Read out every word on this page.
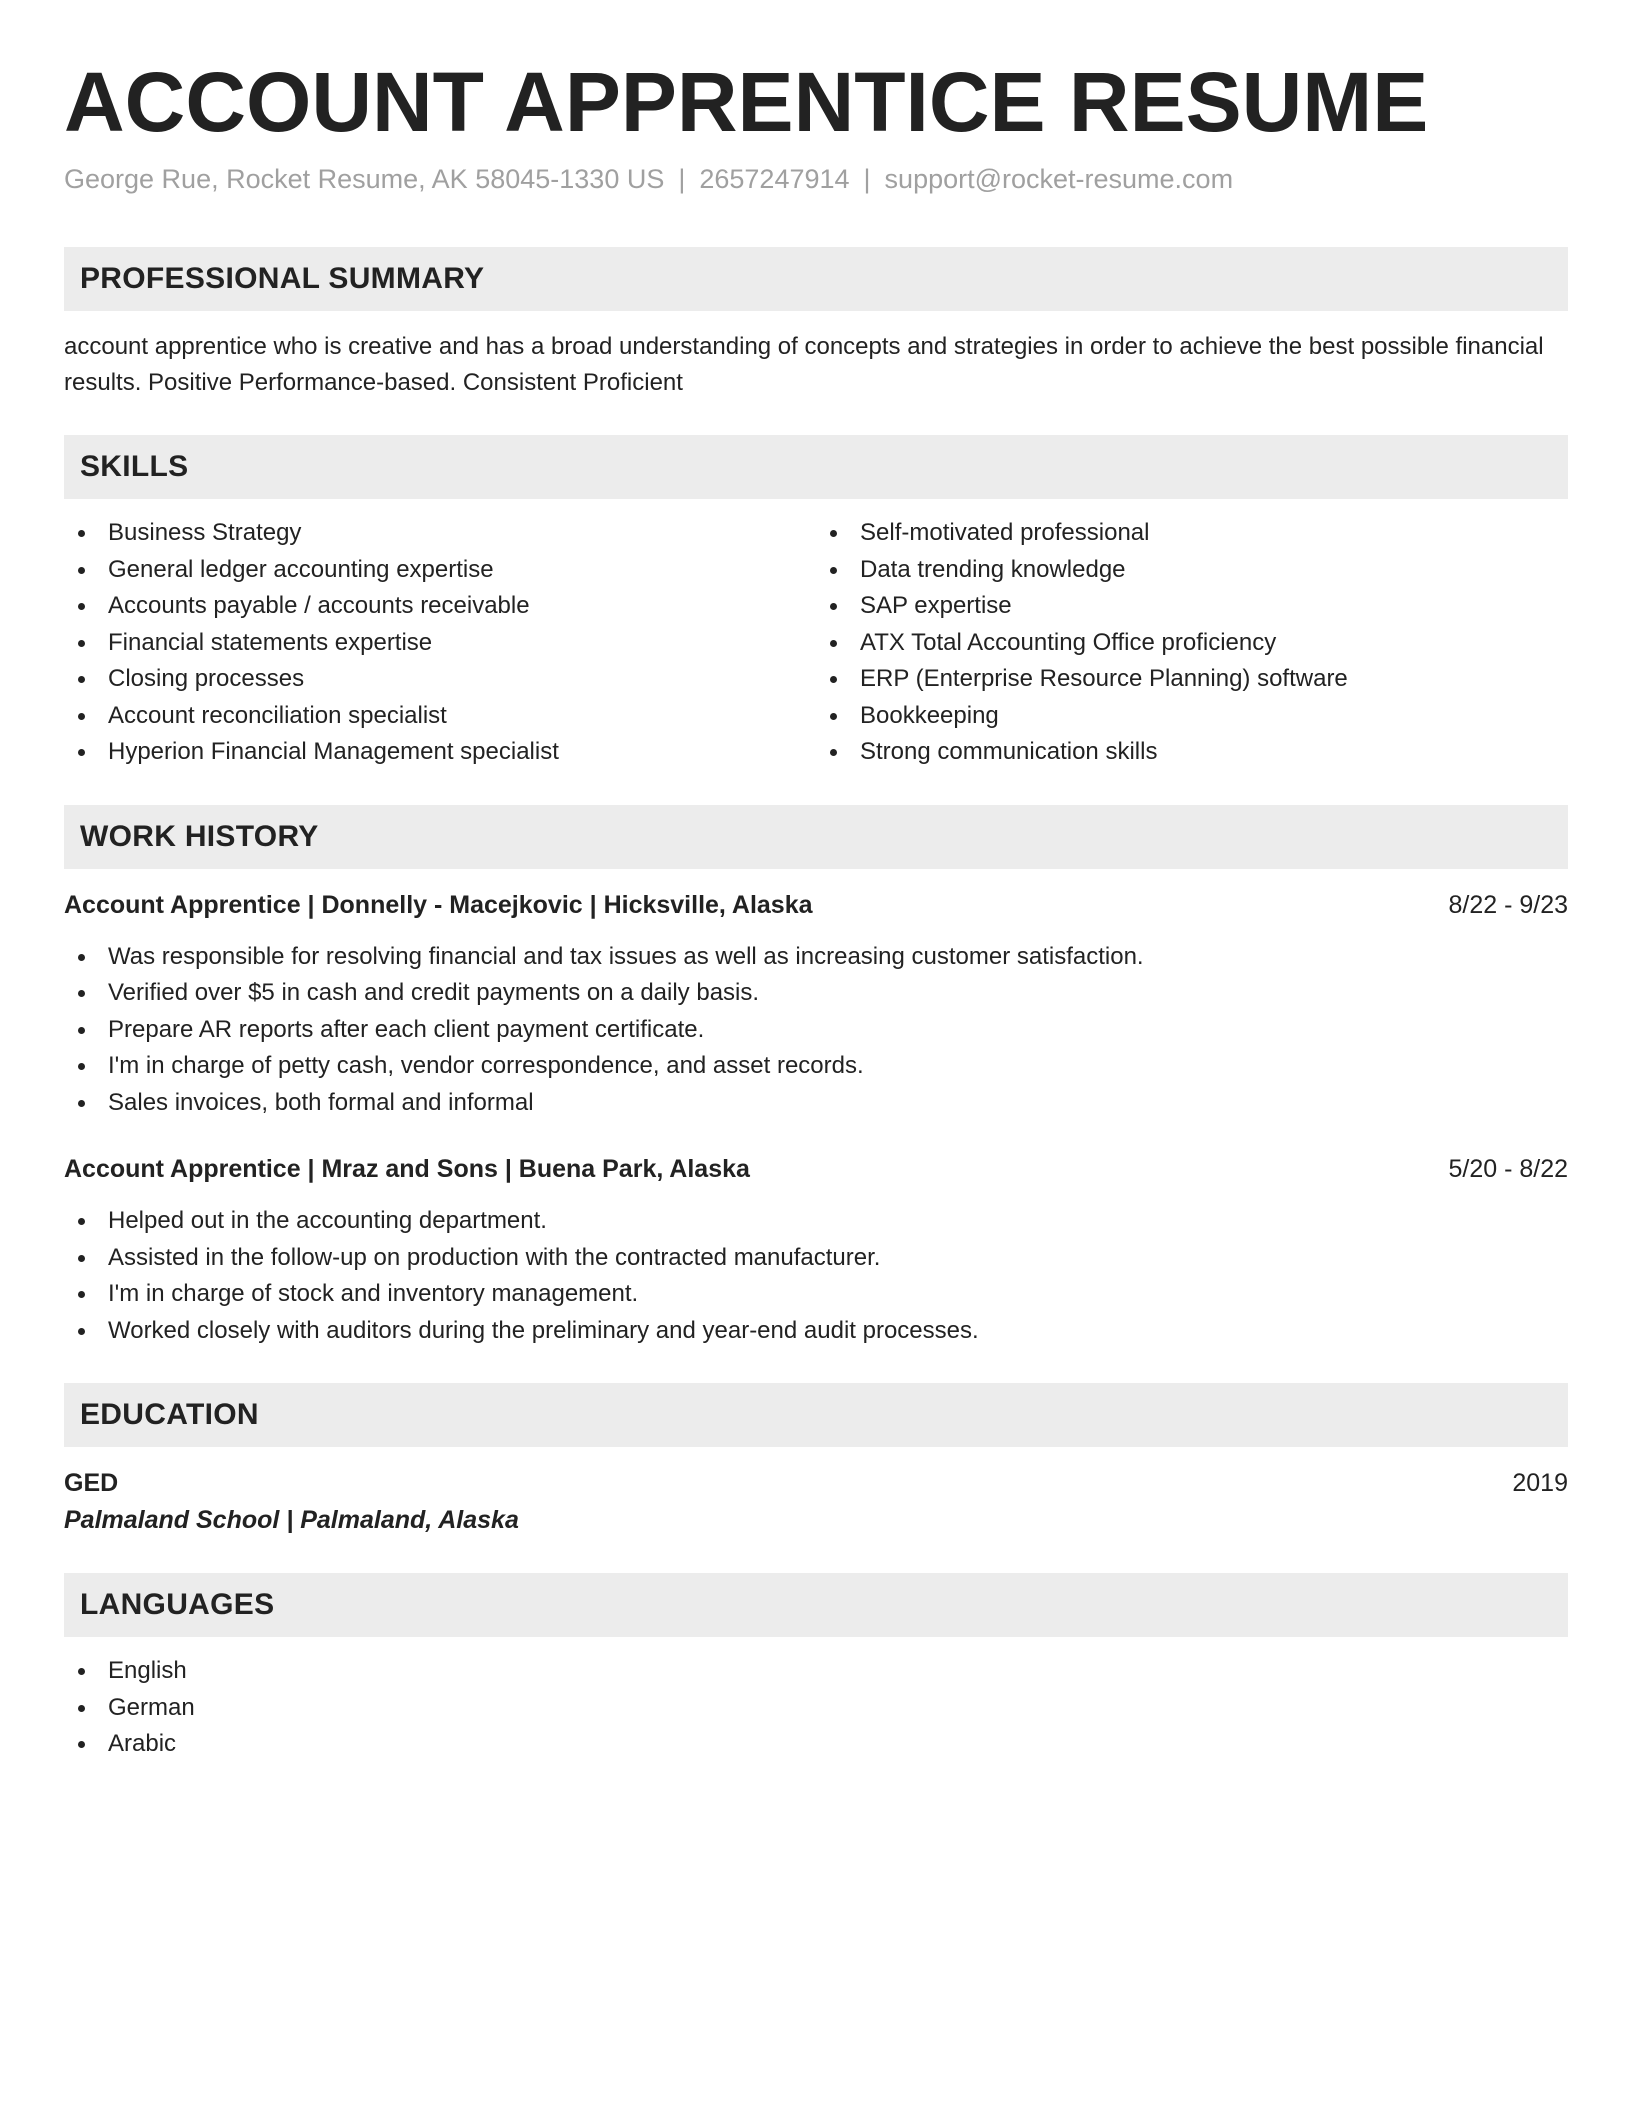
ACCOUNT APPRENTICE RESUME
George Rue, Rocket Resume, AK 58045-1330 US | 2657247914 | support@rocket-resume.com
PROFESSIONAL SUMMARY

account apprentice who is creative and has a broad understanding of concepts and strategies in order to achieve the best possible financial results. Positive Performance-based. Consistent Proficient

SKILLS
Business Strategy
General ledger accounting expertise
Accounts payable / accounts receivable
Financial statements expertise
Closing processes
Account reconciliation specialist
Hyperion Financial Management specialist
Self-motivated professional
Data trending knowledge
SAP expertise
ATX Total Accounting Office proficiency
ERP (Enterprise Resource Planning) software
Bookkeeping
Strong communication skills
WORK HISTORY
Account Apprentice | Donnelly - Macejkovic | Hicksville, Alaska	8/22 - 9/23
Was responsible for resolving financial and tax issues as well as increasing customer satisfaction.
Verified over $5 in cash and credit payments on a daily basis.
Prepare AR reports after each client payment certificate.
I'm in charge of petty cash, vendor correspondence, and asset records.
Sales invoices, both formal and informal
Account Apprentice | Mraz and Sons | Buena Park, Alaska	5/20 - 8/22
Helped out in the accounting department.
Assisted in the follow-up on production with the contracted manufacturer.
I'm in charge of stock and inventory management.
Worked closely with auditors during the preliminary and year-end audit processes.
EDUCATION
GED	2019
Palmaland School | Palmaland, Alaska
LANGUAGES
English
German
Arabic
